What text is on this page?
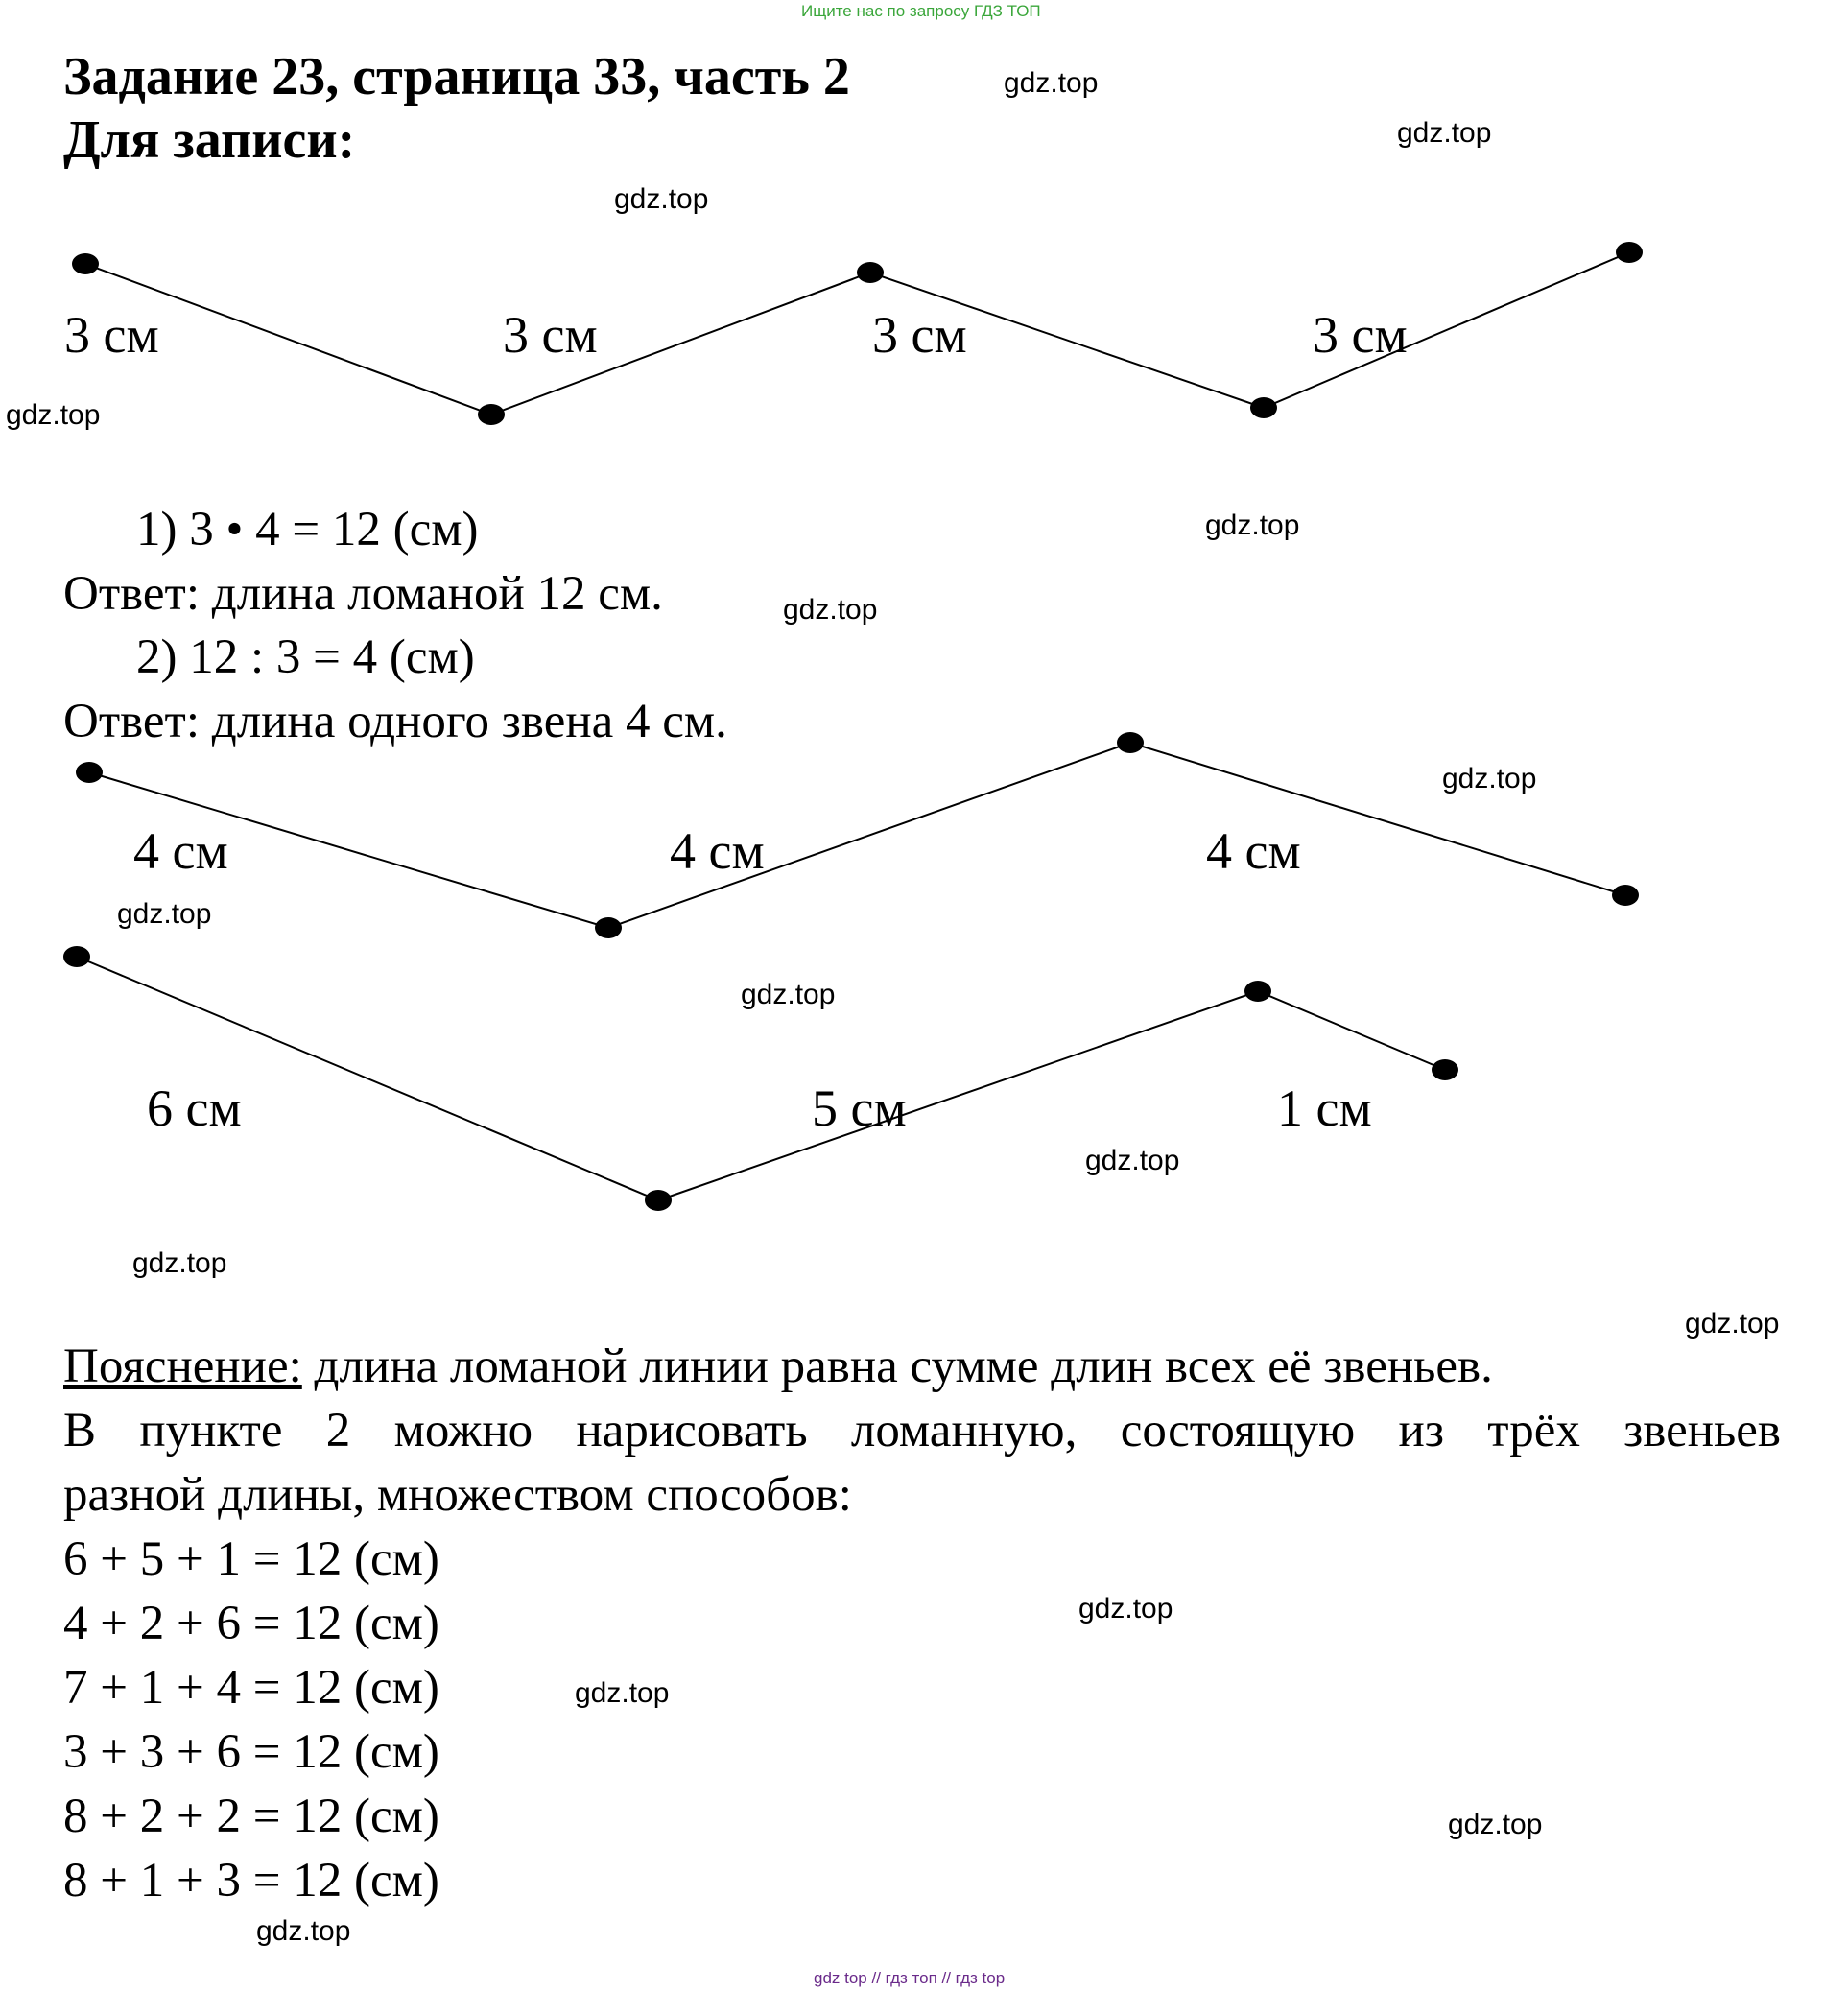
Ищите нас по запросу ГДЗ ТОП
gdz top // гдз топ // гдз top
Задание 23, страница 33, часть 2
Для записи:
3 см	3 см	3 см	3 см
1) 3 • 4 = 12 (см)
Ответ: длина ломаной 12 см.
2) 12 : 3 = 4 (см)
Ответ: длина одного звена 4 см.
4 см	4 см	4 см
6 см	5 см	1 см
Пояснение: длина ломаной линии равна сумме длин всех её звеньев.
В пункте 2 можно нарисовать ломанную, состоящую из трёх звеньев
разной длины, множеством способов:
6 + 5 + 1 = 12 (см)
4 + 2 + 6 = 12 (см)
7 + 1 + 4 = 12 (см)
3 + 3 + 6 = 12 (см)
8 + 2 + 2 = 12 (см)
8 + 1 + 3 = 12 (см)
gdz.top
gdz.top
gdz.top
gdz.top
gdz.top
gdz.top
gdz.top
gdz.top
gdz.top
gdz.top
gdz.top
gdz.top
gdz.top
gdz.top
gdz.top
gdz.top
